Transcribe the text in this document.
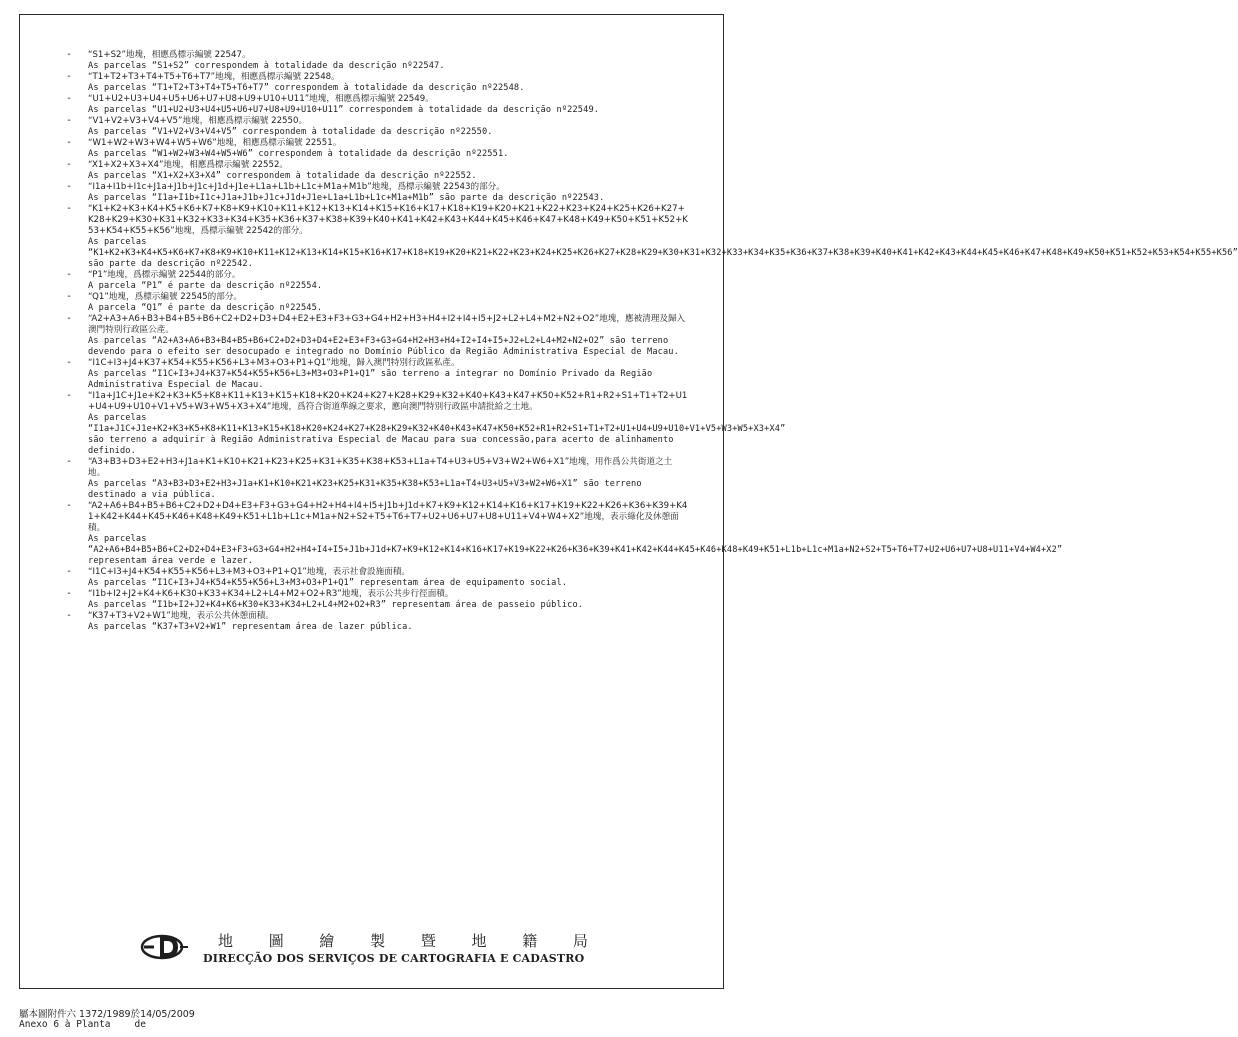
- “S1+S2”地塊，相應爲標示編號 22547。

As parcelas “S1+S2” correspondem à totalidade da descrição nº22547.

- “T1+T2+T3+T4+T5+T6+T7”地塊，相應爲標示編號 22548。

As parcelas “T1+T2+T3+T4+T5+T6+T7” correspondem à totalidade da descrição nº22548.

- “U1+U2+U3+U4+U5+U6+U7+U8+U9+U10+U11”地塊，相應爲標示編號 22549。

As parcelas “U1+U2+U3+U4+U5+U6+U7+U8+U9+U10+U11” correspondem à totalidade da descrição nº22549.

- “V1+V2+V3+V4+V5”地塊，相應爲標示編號 22550。

As parcelas “V1+V2+V3+V4+V5” correspondem à totalidade da descrição nº22550.

- “W1+W2+W3+W4+W5+W6”地塊，相應爲標示編號 22551。

As parcelas “W1+W2+W3+W4+W5+W6” correspondem à totalidade da descrição nº22551.

- “X1+X2+X3+X4”地塊，相應爲標示編號 22552。

As parcelas “X1+X2+X3+X4” correspondem à totalidade da descrição nº22552.

- “I1a+I1b+I1c+J1a+J1b+J1c+J1d+J1e+L1a+L1b+L1c+M1a+M1b”地塊，爲標示編號 22543的部分。

As parcelas “I1a+I1b+I1c+J1a+J1b+J1c+J1d+J1e+L1a+L1b+L1c+M1a+M1b” são parte da descrição nº22543.

- “K1+K2+K3+K4+K5+K6+K7+K8+K9+K10+K11+K12+K13+K14+K15+K16+K17+K18+K19+K20+K21+K22+K23+K24+K25+K26+K27+K28+K29+K30+K31+K32+K33+K34+K35+K36+K37+K38+K39+K40+K41+K42+K43+K44+K45+K46+K47+K48+K49+K50+K51+K52+K53+K54+K55+K56”地塊，爲標示編號 22542的部分。

As parcelas “K1+K2+K3+K4+K5+K6+K7+K8+K9+K10+K11+K12+K13+K14+K15+K16+K17+K18+K19+K20+K21+K22+K23+K24+K25+K26+K27+K28+K29+K30+K31+K32+K33+K34+K35+K36+K37+K38+K39+K40+K41+K42+K43+K44+K45+K46+K47+K48+K49+K50+K51+K52+K53+K54+K55+K56” são parte da descrição nº22542.

- “P1”地塊，爲標示編號 22544的部分。

A parcela “P1” é parte da descrição nº22554.

- “Q1”地塊，爲標示編號 22545的部分。

A parcela “Q1” é parte da descrição nº22545.

- “A2+A3+A6+B3+B4+B5+B6+C2+D2+D3+D4+E2+E3+F3+G3+G4+H2+H3+H4+I2+I4+I5+J2+L2+L4+M2+N2+O2”地塊，應被清理及歸入澳門特別行政區公產。

As parcelas “A2+A3+A6+B3+B4+B5+B6+C2+D2+D3+D4+E2+E3+F3+G3+G4+H2+H3+H4+I2+I4+I5+J2+L2+L4+M2+N2+O2” são terreno devendo para o efeito ser desocupado e integrado no Domínio Público da Região Administrativa Especial de Macau.

- “I1C+I3+J4+K37+K54+K55+K56+L3+M3+O3+P1+Q1”地塊，歸入澳門特別行政區私產。

As parcelas “I1C+I3+J4+K37+K54+K55+K56+L3+M3+O3+P1+Q1” são terreno a integrar no Domínio Privado da Região Administrativa Especial de Macau.

- “I1a+J1C+J1e+K2+K3+K5+K8+K11+K13+K15+K18+K20+K24+K27+K28+K29+K32+K40+K43+K47+K50+K52+R1+R2+S1+T1+T2+U1+U4+U9+U10+V1+V5+W3+W5+X3+X4”地塊，爲符合街道準線之要求，應向澳門特別行政區申請批給之土地。

As parcelas “I1a+J1C+J1e+K2+K3+K5+K8+K11+K13+K15+K18+K20+K24+K27+K28+K29+K32+K40+K43+K47+K50+K52+R1+R2+S1+T1+T2+U1+U4+U9+U10+V1+V5+W3+W5+X3+X4” são terreno a adquirir à Região Administrativa Especial de Macau para sua concessão,para acerto de alinhamento definido.

- “A3+B3+D3+E2+H3+J1a+K1+K10+K21+K23+K25+K31+K35+K38+K53+L1a+T4+U3+U5+V3+W2+W6+X1”地塊，用作爲公共街道之土地。

As parcelas “A3+B3+D3+E2+H3+J1a+K1+K10+K21+K23+K25+K31+K35+K38+K53+L1a+T4+U3+U5+V3+W2+W6+X1” são terreno destinado a via pública.

- “A2+A6+B4+B5+B6+C2+D2+D4+E3+F3+G3+G4+H2+H4+I4+I5+J1b+J1d+K7+K9+K12+K14+K16+K17+K19+K22+K26+K36+K39+K41+K42+K44+K45+K46+K48+K49+K51+L1b+L1c+M1a+N2+S2+T5+T6+T7+U2+U6+U7+U8+U11+V4+W4+X2”地塊，表示綠化及休憩面積。

As parcelas “A2+A6+B4+B5+B6+C2+D2+D4+E3+F3+G3+G4+H2+H4+I4+I5+J1b+J1d+K7+K9+K12+K14+K16+K17+K19+K22+K26+K36+K39+K41+K42+K44+K45+K46+K48+K49+K51+L1b+L1c+M1a+N2+S2+T5+T6+T7+U2+U6+U7+U8+U11+V4+W4+X2” representam área verde e lazer.

- “I1C+I3+J4+K54+K55+K56+L3+M3+O3+P1+Q1”地塊，表示社會設施面積。

As parcelas “I1C+I3+J4+K54+K55+K56+L3+M3+O3+P1+Q1” representam área de equipamento social.

- “I1b+I2+J2+K4+K6+K30+K33+K34+L2+L4+M2+O2+R3”地塊，表示公共步行徑面積。

As parcelas “I1b+I2+J2+K4+K6+K30+K33+K34+L2+L4+M2+O2+R3” representam área de passeio público.

- “K37+T3+V2+W1”地塊，表示公共休憩面積。

As parcelas “K37+T3+V2+W1” representam área de lazer pública.

地 圖 繪 製 暨 地 籍 局
DIRECÇÃO DOS SERVIÇOS DE CARTOGRAFIA E CADASTRO
屬本圖附件六 1372/1989於14/05/2009
Anexo 6 à Planta	de
